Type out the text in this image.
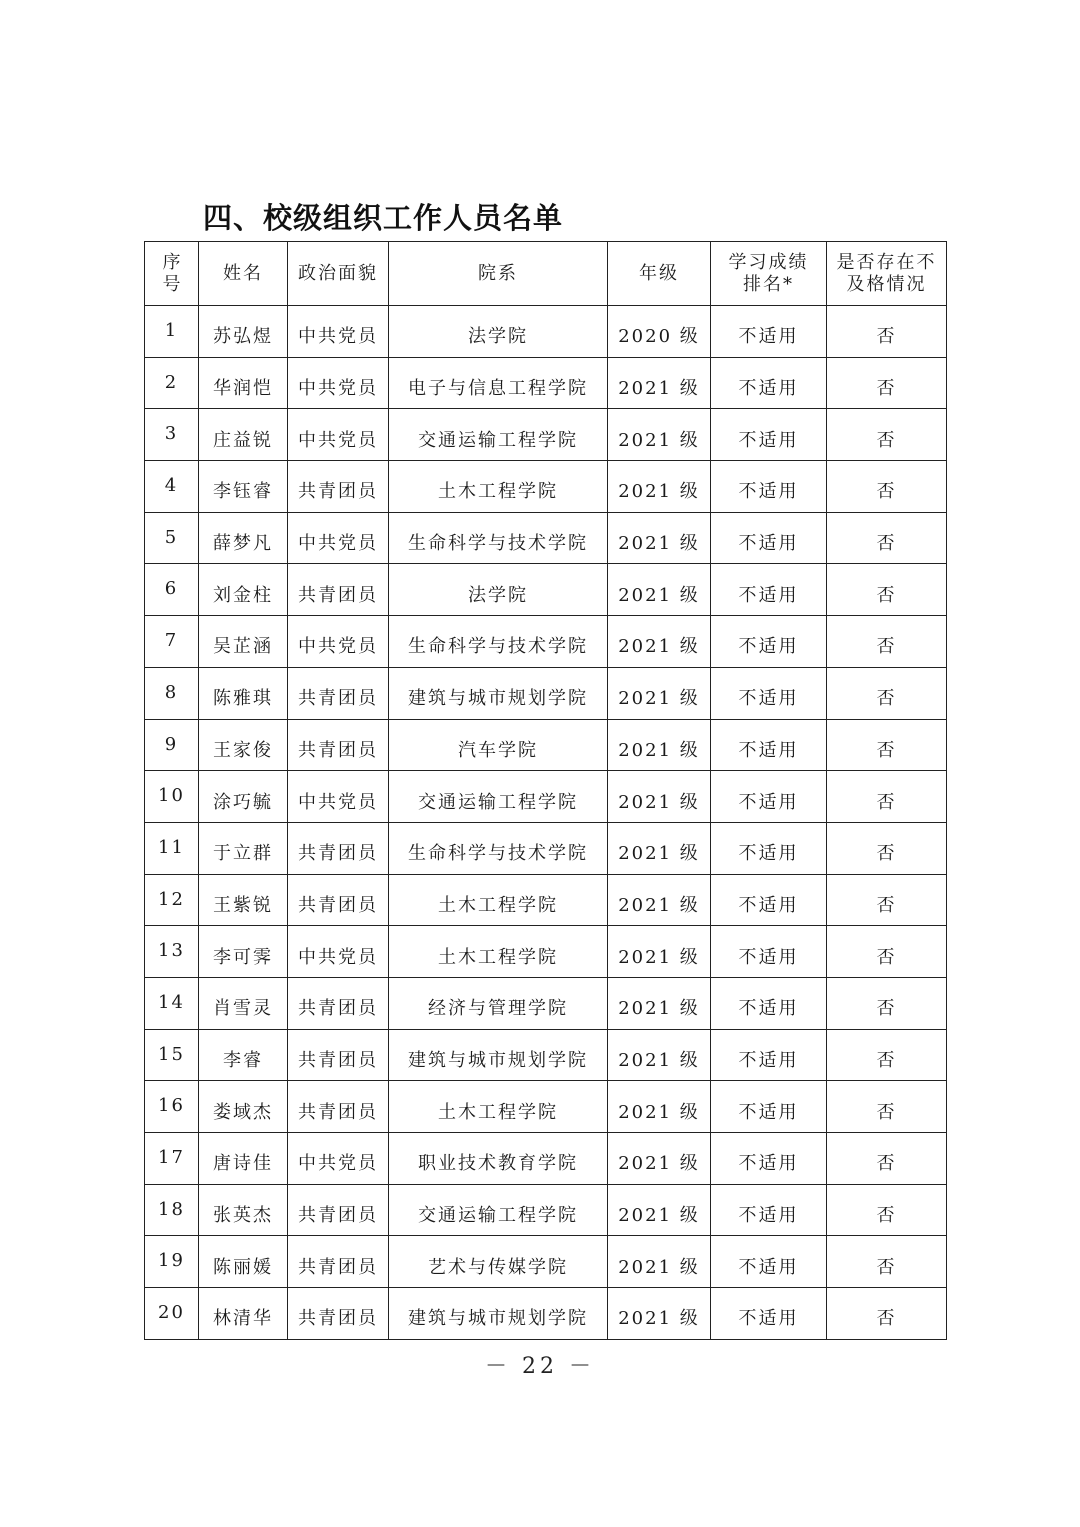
四、校级组织工作人员名单
序号	姓名	政治面貌	院系	年级	学习成绩排名*	是否存在不及格情况
1	苏弘煜	中共党员	法学院	2020 级	不适用	否
2	华润恺	中共党员	电子与信息工程学院	2021 级	不适用	否
3	庄益锐	中共党员	交通运输工程学院	2021 级	不适用	否
4	李钰睿	共青团员	土木工程学院	2021 级	不适用	否
5	薛梦凡	中共党员	生命科学与技术学院	2021 级	不适用	否
6	刘金柱	共青团员	法学院	2021 级	不适用	否
7	吴芷涵	中共党员	生命科学与技术学院	2021 级	不适用	否
8	陈雅琪	共青团员	建筑与城市规划学院	2021 级	不适用	否
9	王家俊	共青团员	汽车学院	2021 级	不适用	否
10	涂巧毓	中共党员	交通运输工程学院	2021 级	不适用	否
11	于立群	共青团员	生命科学与技术学院	2021 级	不适用	否
12	王紫锐	共青团员	土木工程学院	2021 级	不适用	否
13	李可霁	中共党员	土木工程学院	2021 级	不适用	否
14	肖雪灵	共青团员	经济与管理学院	2021 级	不适用	否
15	李睿	共青团员	建筑与城市规划学院	2021 级	不适用	否
16	娄域杰	共青团员	土木工程学院	2021 级	不适用	否
17	唐诗佳	中共党员	职业技术教育学院	2021 级	不适用	否
18	张英杰	共青团员	交通运输工程学院	2021 级	不适用	否
19	陈丽媛	共青团员	艺术与传媒学院	2021 级	不适用	否
20	林清华	共青团员	建筑与城市规划学院	2021 级	不适用	否
－ 22 －
